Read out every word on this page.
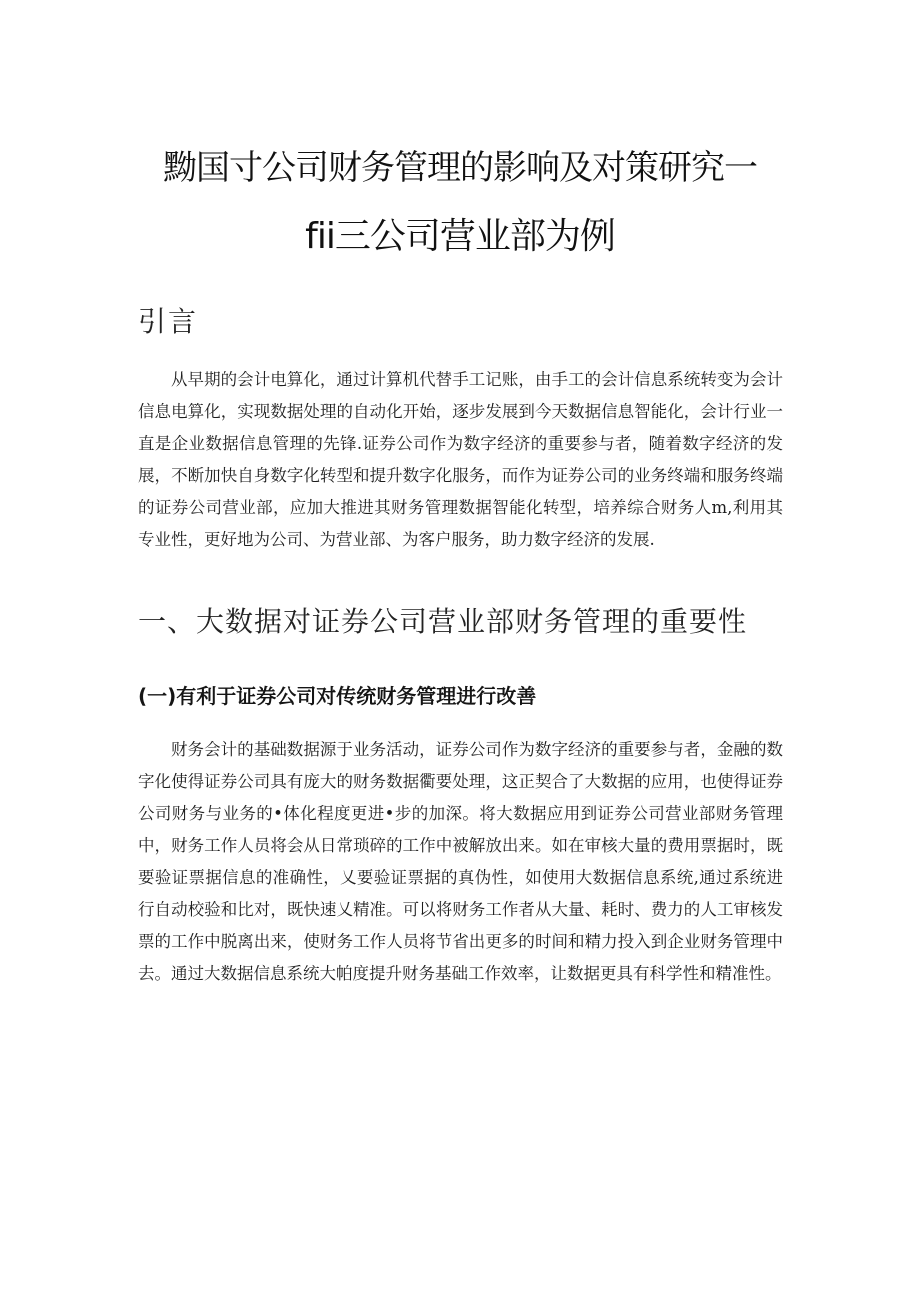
黝国寸公司财务管理的影响及对策研究一
fii三公司营业部为例
引言

从早期的会计电算化，通过计算机代替手工记账，由手工的会计信息系统转变为会计信息电算化，实现数据处理的自动化开始，逐步发展到今天数据信息智能化，会计行业一直是企业数据信息管理的先锋.证券公司作为数字经济的重要参与者，随着数字经济的发展，不断加快自身数字化转型和提升数字化服务，而作为证券公司的业务终端和服务终端的证券公司营业部，应加大推进其财务管理数据智能化转型，培养综合财务人m,利用其专业性，更好地为公司、为营业部、为客户服务，助力数字经济的发展.

一、大数据对证券公司营业部财务管理的重要性
(一)有利于证券公司对传统财务管理进行改善

财务会计的基础数据源于业务活动，证券公司作为数字经济的重要参与者，金融的数字化使得证券公司具有庞大的财务数据衢要处理，这正契合了大数据的应用，也使得证券公司财务与业务的•体化程度更进•步的加深。将大数据应用到证券公司营业部财务管理中，财务工作人员将会从日常琐碎的工作中被解放出来。如在审核大量的费用票据时，既要验证票据信息的准确性，乂要验证票据的真伪性，如使用大数据信息系统,通过系统进行自动校验和比对，既快速乂精准。可以将财务工作者从大量、耗时、费力的人工审核发票的工作中脱离出来，使财务工作人员将节省出更多的时间和精力投入到企业财务管理中去。通过大数据信息系统大帕度提升财务基础工作效率，让数据更具有科学性和精准性。
